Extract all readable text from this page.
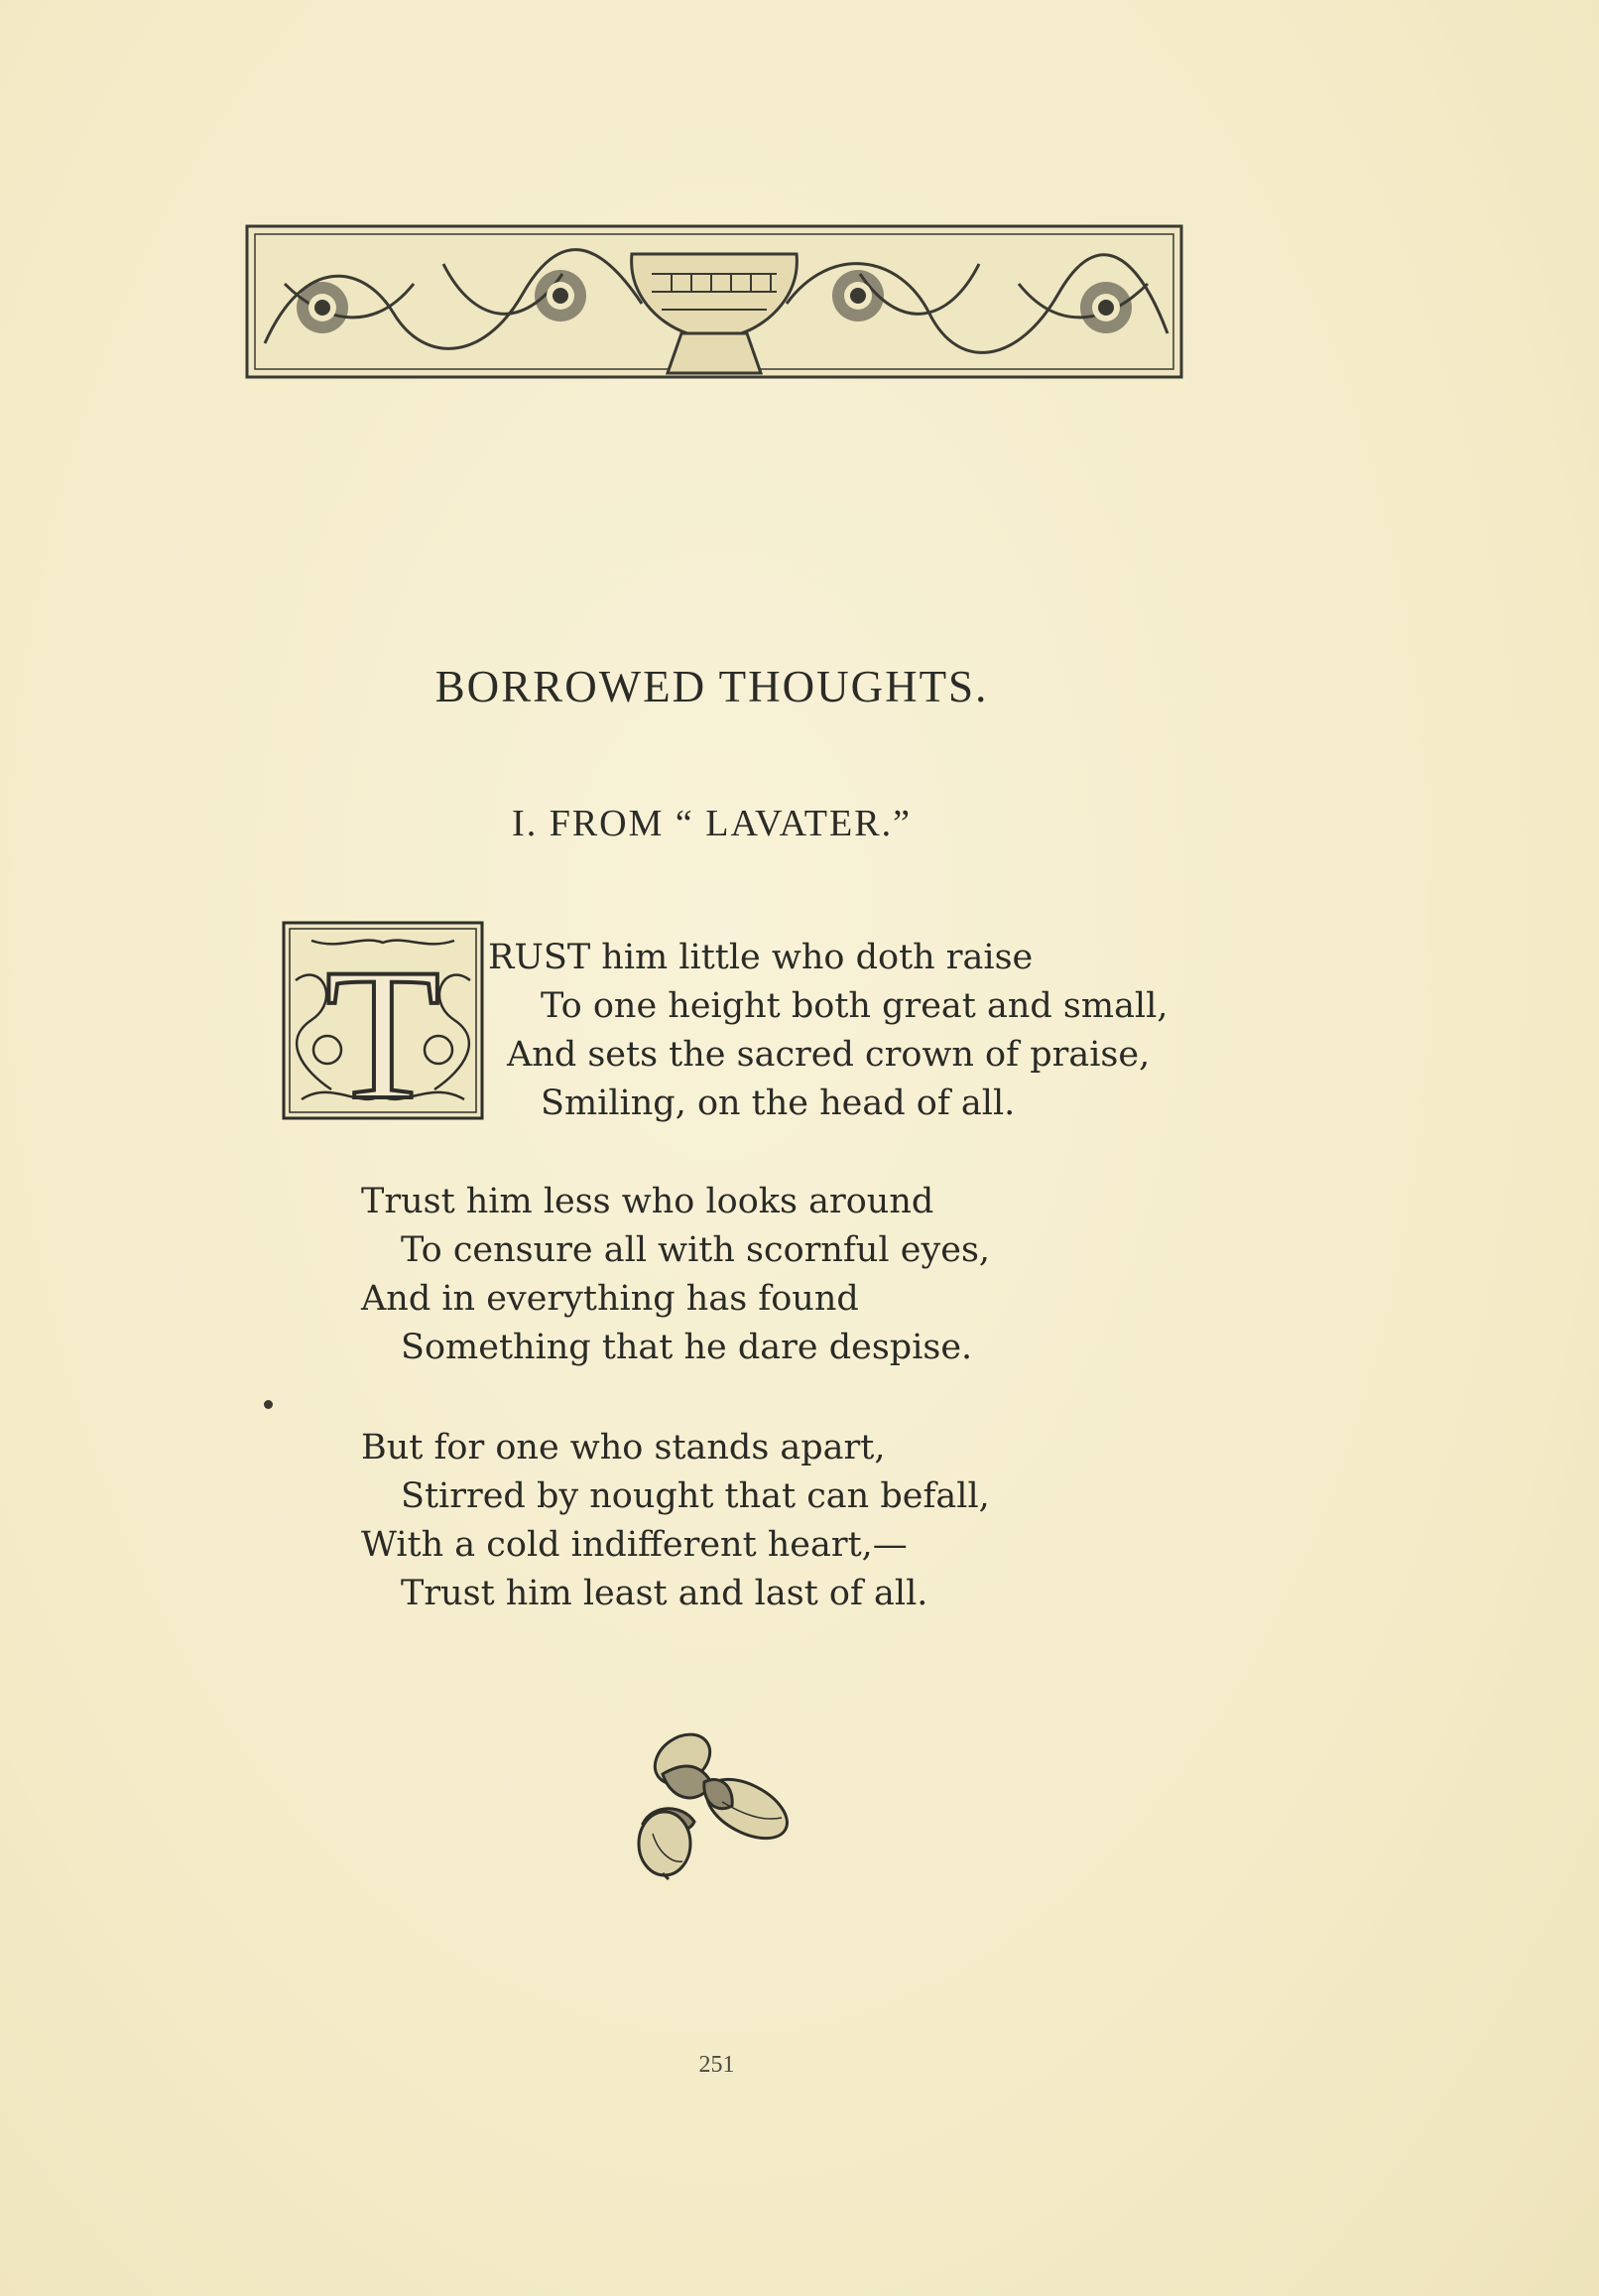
BORROWED THOUGHTS.
I. FROM “ LAVATER.”
T RUST him little who doth raise
To one height both great and small,
And sets the sacred crown of praise,
Smiling, on the head of all.
Trust him less who looks around
To censure all with scornful eyes,
And in everything has found
Something that he dare despise.
But for one who stands apart,
Stirred by nought that can befall,
With a cold indifferent heart,—
Trust him least and last of all.
251
